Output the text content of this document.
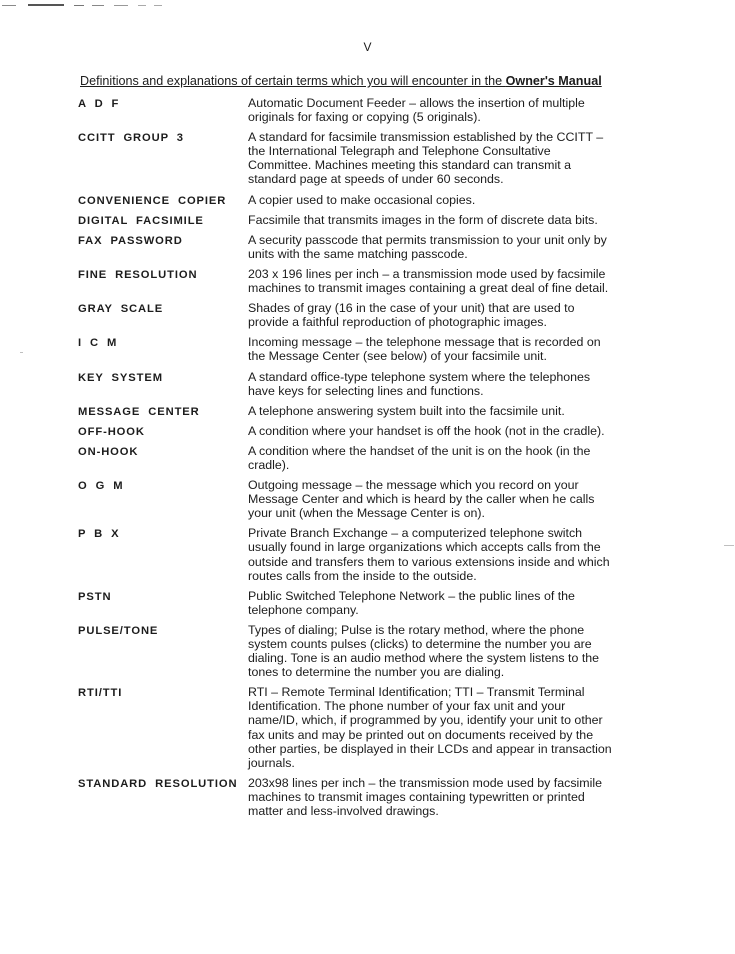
V
Definitions and explanations of certain terms which you will encounter in the Owner's Manual
A D F	Automatic Document Feeder – allows the insertion of multiple originals for faxing or copying (5 originals).
CCITT GROUP 3	A standard for facsimile transmission established by the CCITT – the International Telegraph and Telephone Consultative Committee. Machines meeting this standard can transmit a standard page at speeds of under 60 seconds.
CONVENIENCE COPIER	A copier used to make occasional copies.
DIGITAL FACSIMILE	Facsimile that transmits images in the form of discrete data bits.
FAX PASSWORD	A security passcode that permits transmission to your unit only by units with the same matching passcode.
FINE RESOLUTION	203 x 196 lines per inch – a transmission mode used by facsimile machines to transmit images containing a great deal of fine detail.
GRAY SCALE	Shades of gray (16 in the case of your unit) that are used to provide a faithful reproduction of photographic images.
I C M	Incoming message – the telephone message that is recorded on the Message Center (see below) of your facsimile unit.
KEY SYSTEM	A standard office-type telephone system where the telephones have keys for selecting lines and functions.
MESSAGE CENTER	A telephone answering system built into the facsimile unit.
OFF-HOOK	A condition where your handset is off the hook (not in the cradle).
ON-HOOK	A condition where the handset of the unit is on the hook (in the cradle).
O G M	Outgoing message – the message which you record on your Message Center and which is heard by the caller when he calls your unit (when the Message Center is on).
P B X	Private Branch Exchange – a computerized telephone switch usually found in large organizations which accepts calls from the outside and transfers them to various extensions inside and which routes calls from the inside to the outside.
PSTN	Public Switched Telephone Network – the public lines of the telephone company.
PULSE/TONE	Types of dialing; Pulse is the rotary method, where the phone system counts pulses (clicks) to determine the number you are dialing. Tone is an audio method where the system listens to the tones to determine the number you are dialing.
RTI/TTI	RTI – Remote Terminal Identification; TTI – Transmit Terminal Identification. The phone number of your fax unit and your name/ID, which, if programmed by you, identify your unit to other fax units and may be printed out on documents received by the other parties, be displayed in their LCDs and appear in transaction journals.
STANDARD RESOLUTION 203x98 lines per inch – the transmission mode used by facsimile machines to transmit images containing typewritten or printed matter and less-involved drawings.
